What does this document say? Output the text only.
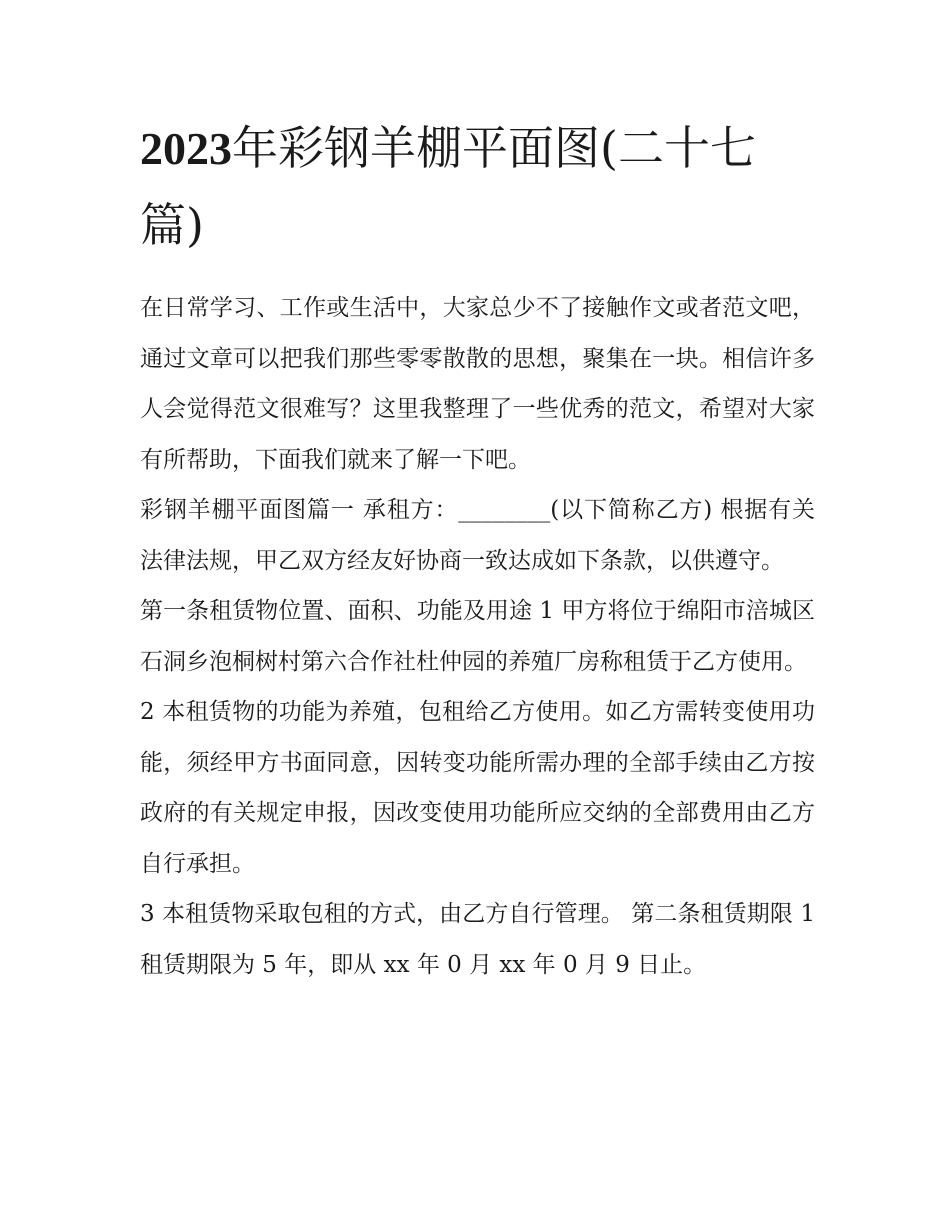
2023年彩钢羊棚平面图(二十七篇)

在日常学习、工作或生活中，大家总少不了接触作文或者范文吧，通过文章可以把我们那些零零散散的思想，聚集在一块。相信许多人会觉得范文很难写？这里我整理了一些优秀的范文，希望对大家有所帮助，下面我们就来了解一下吧。

彩钢羊棚平面图篇一 承租方：________(以下简称乙方) 根据有关法律法规，甲乙双方经友好协商一致达成如下条款，以供遵守。

第一条租赁物位置、面积、功能及用途 1 甲方将位于绵阳市涪城区石洞乡泡桐树村第六合作社杜仲园的养殖厂房称租赁于乙方使用。

2 本租赁物的功能为养殖，包租给乙方使用。如乙方需转变使用功能，须经甲方书面同意，因转变功能所需办理的全部手续由乙方按政府的有关规定申报，因改变使用功能所应交纳的全部费用由乙方自行承担。

3 本租赁物采取包租的方式，由乙方自行管理。 第二条租赁期限 1 租赁期限为 5 年，即从 xx 年 0 月 xx 年 0 月 9 日止。
